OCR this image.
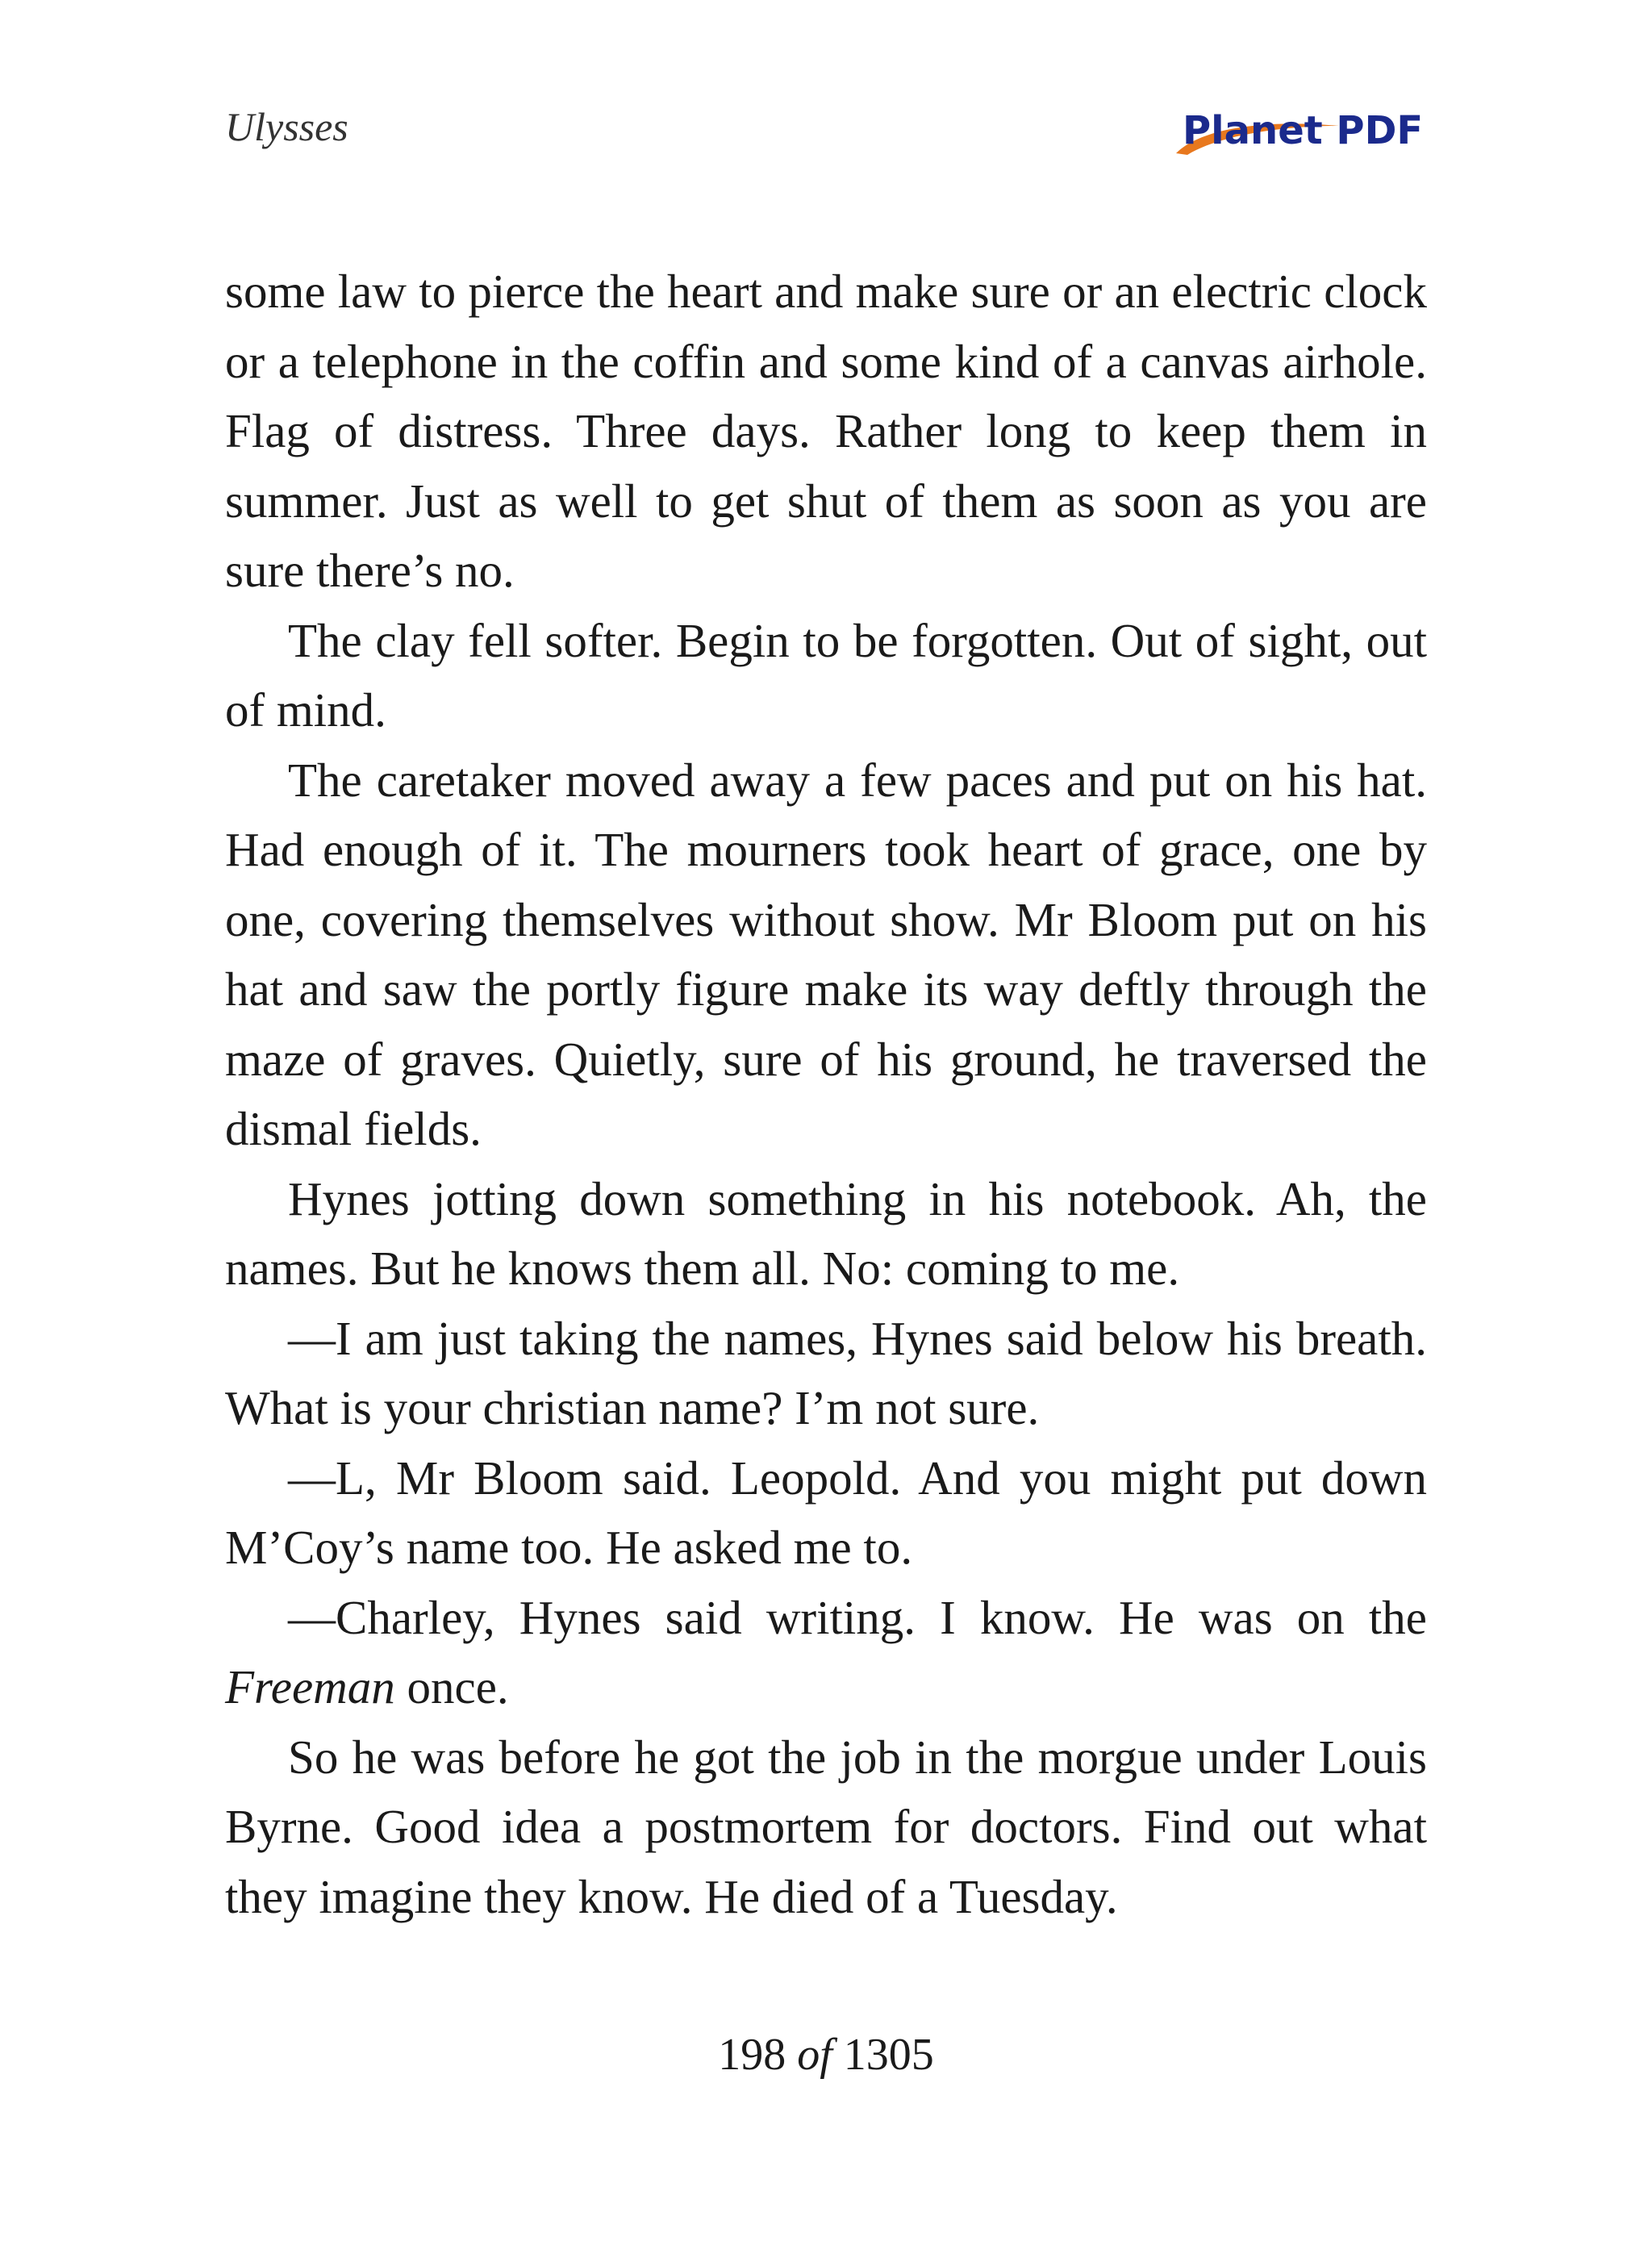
Ulysses	Planet PDF

some law to pierce the heart and make sure or an electric clock or a telephone in the coffin and some kind of a canvas airhole. Flag of distress. Three days. Rather long to keep them in summer. Just as well to get shut of them as soon as you are sure there’s no.

The clay fell softer. Begin to be forgotten. Out of sight, out of mind.

The caretaker moved away a few paces and put on his hat. Had enough of it. The mourners took heart of grace, one by one, covering themselves without show. Mr Bloom put on his hat and saw the portly figure make its way deftly through the maze of graves. Quietly, sure of his ground, he traversed the dismal fields.

Hynes jotting down something in his notebook. Ah, the names. But he knows them all. No: coming to me.

—I am just taking the names, Hynes said below his breath. What is your christian name? I’m not sure.

—L, Mr Bloom said. Leopold. And you might put down M’Coy’s name too. He asked me to.

—Charley, Hynes said writing. I know. He was on the Freeman once.

So he was before he got the job in the morgue under Louis Byrne. Good idea a postmortem for doctors. Find out what they imagine they know. He died of a Tuesday.

198 of 1305
